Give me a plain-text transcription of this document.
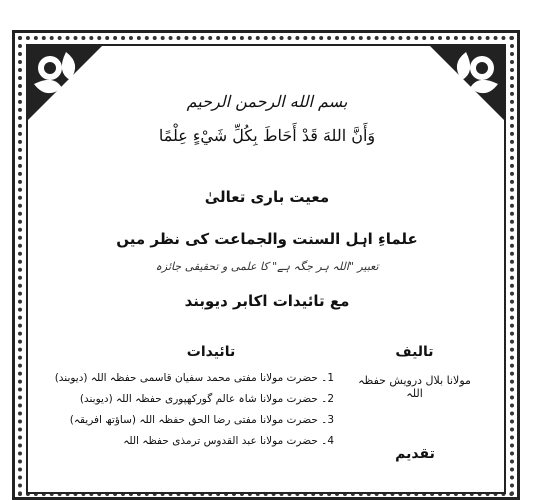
بسم الله الرحمن الرحيم
وَأَنَّ اللهَ قَدْ أَحَاطَ بِكُلِّ شَيْءٍ عِلْمًا
معیت باری تعالیٰ
علماءِ اہل السنت والجماعت کی نظر میں
تعبیر "اللہ ہر جگہ ہے" کا علمی و تحقیقی جائزہ
مع تائیدات اکابر دیوبند
تالیف
مولانا بلال درویش حفظہ اللہ
تائیدات
1۔ حضرت مولانا مفتی محمد سفیان قاسمی حفظہ اللہ (دیوبند)
2۔ حضرت مولانا شاہ عالم گورکھپوری حفظہ اللہ (دیوبند)
3۔ حضرت مولانا مفتی رضا الحق حفظہ اللہ (ساؤتھ افریقہ)
4۔ حضرت مولانا عبد القدوس ترمذی حفظہ اللہ
تقدیم
